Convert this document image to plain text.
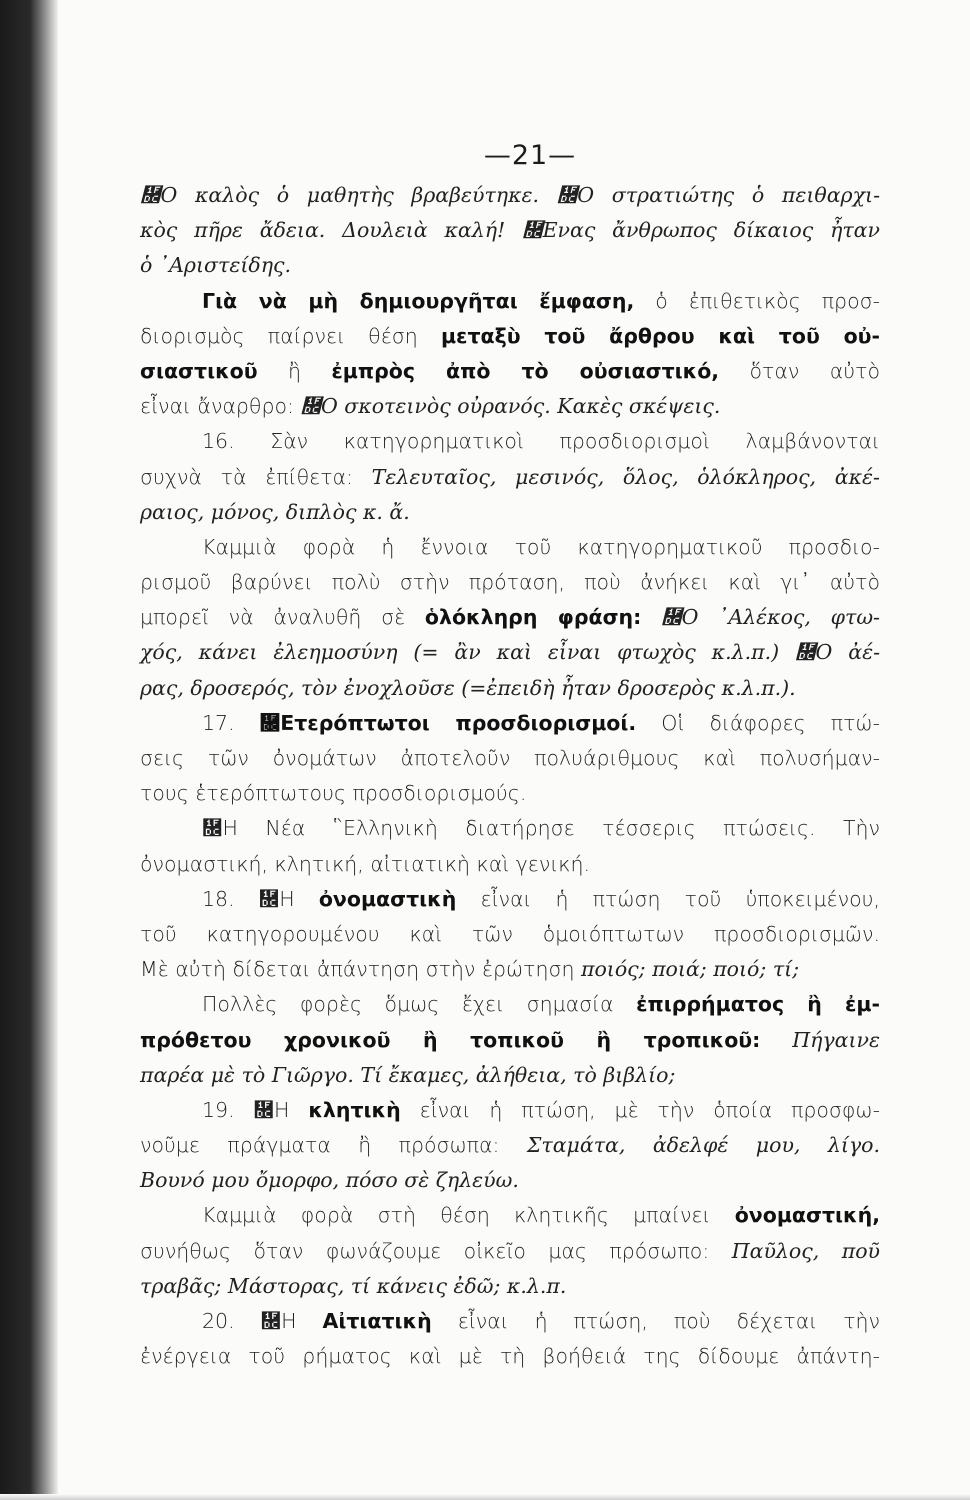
—21—
῜Ο καλὸς ὁ μαθητὴς βραβεύτηκε. ῜Ο στρατιώτης ὁ πειθαρχι-
κὸς πῆρε ἄδεια. Δουλειὰ καλή! ῜Ενας ἄνθρωπος δίκαιος ἦταν
ὁ ᾿Αριστείδης.
Γιὰ νὰ μὴ δημιουργῆται ἔμφαση, ὁ ἐπιθετικὸς προσ-
διορισμὸς παίρνει θέση μεταξὺ τοῦ ἄρθρου καὶ τοῦ οὐ-
σιαστικοῦ ἢ ἐμπρὸς ἀπὸ τὸ οὐσιαστικό, ὅταν αὐτὸ
εἶναι ἄναρθρο: ῜Ο σκοτεινὸς οὐρανός. Κακὲς σκέψεις.
16. Σὰν κατηγορηματικοὶ προσδιορισμοὶ λαμβάνονται
συχνὰ τὰ ἐπίθετα: Τελευταῖος, μεσινός, ὅλος, ὁλόκληρος, ἀκέ-
ραιος, μόνος, διπλὸς κ. ἄ.
Καμμιὰ φορὰ ἡ ἔννοια τοῦ κατηγορηματικοῦ προσδιο-
ρισμοῦ βαρύνει πολὺ στὴν πρόταση, ποὺ ἀνήκει καὶ γι᾿ αὐτὸ
μπορεῖ νὰ ἀναλυθῆ σὲ ὁλόκληρη φράση: ῜Ο ᾿Αλέκος, φτω-
χός, κάνει ἐλεημοσύνη (= ἂν καὶ εἶναι φτωχὸς κ.λ.π.) ῜Ο ἀέ-
ρας, δροσερός, τὸν ἐνοχλοῦσε (=ἐπειδὴ ἦταν δροσερὸς κ.λ.π.).
17. ῜Ετερόπτωτοι προσδιορισμοί. Οἱ διάφορες πτώ-
σεις τῶν ὀνομάτων ἀποτελοῦν πολυάριθμους καὶ πολυσήμαν-
τους ἑτερόπτωτους προσδιορισμούς.
῜Η Νέα ῝Ελληνικὴ διατήρησε τέσσερις πτώσεις. Τὴν
ὀνομαστική, κλητική, αἰτιατικὴ καὶ γενική.
18. ῜Η ὀνομαστικὴ εἶναι ἡ πτώση τοῦ ὑποκειμένου,
τοῦ κατηγορουμένου καὶ τῶν ὁμοιόπτωτων προσδιορισμῶν.
Μὲ αὐτὴ δίδεται ἀπάντηση στὴν ἐρώτηση ποιός; ποιά; ποιό; τί;
Πολλὲς φορὲς ὅμως ἔχει σημασία ἐπιρρήματος ἢ ἐμ-
πρόθετου χρονικοῦ ἢ τοπικοῦ ἢ τροπικοῦ: Πήγαινε
παρέα μὲ τὸ Γιῶργο. Τί ἔκαμες, ἀλήθεια, τὸ βιβλίο;
19. ῜Η κλητικὴ εἶναι ἡ πτώση, μὲ τὴν ὁποία προσφω-
νοῦμε πράγματα ἢ πρόσωπα: Σταμάτα, ἀδελφέ μου, λίγο.
Βουνό μου ὄμορφο, πόσο σὲ ζηλεύω.
Καμμιὰ φορὰ στὴ θέση κλητικῆς μπαίνει ὀνομαστική,
συνήθως ὅταν φωνάζουμε οἰκεῖο μας πρόσωπο: Παῦλος, ποῦ
τραβᾶς; Μάστορας, τί κάνεις ἐδῶ; κ.λ.π.
20. ῜Η Αἰτιατικὴ εἶναι ἡ πτώση, ποὺ δέχεται τὴν
ἐνέργεια τοῦ ρήματος καὶ μὲ τὴ βοήθειά της δίδουμε ἀπάντη-
